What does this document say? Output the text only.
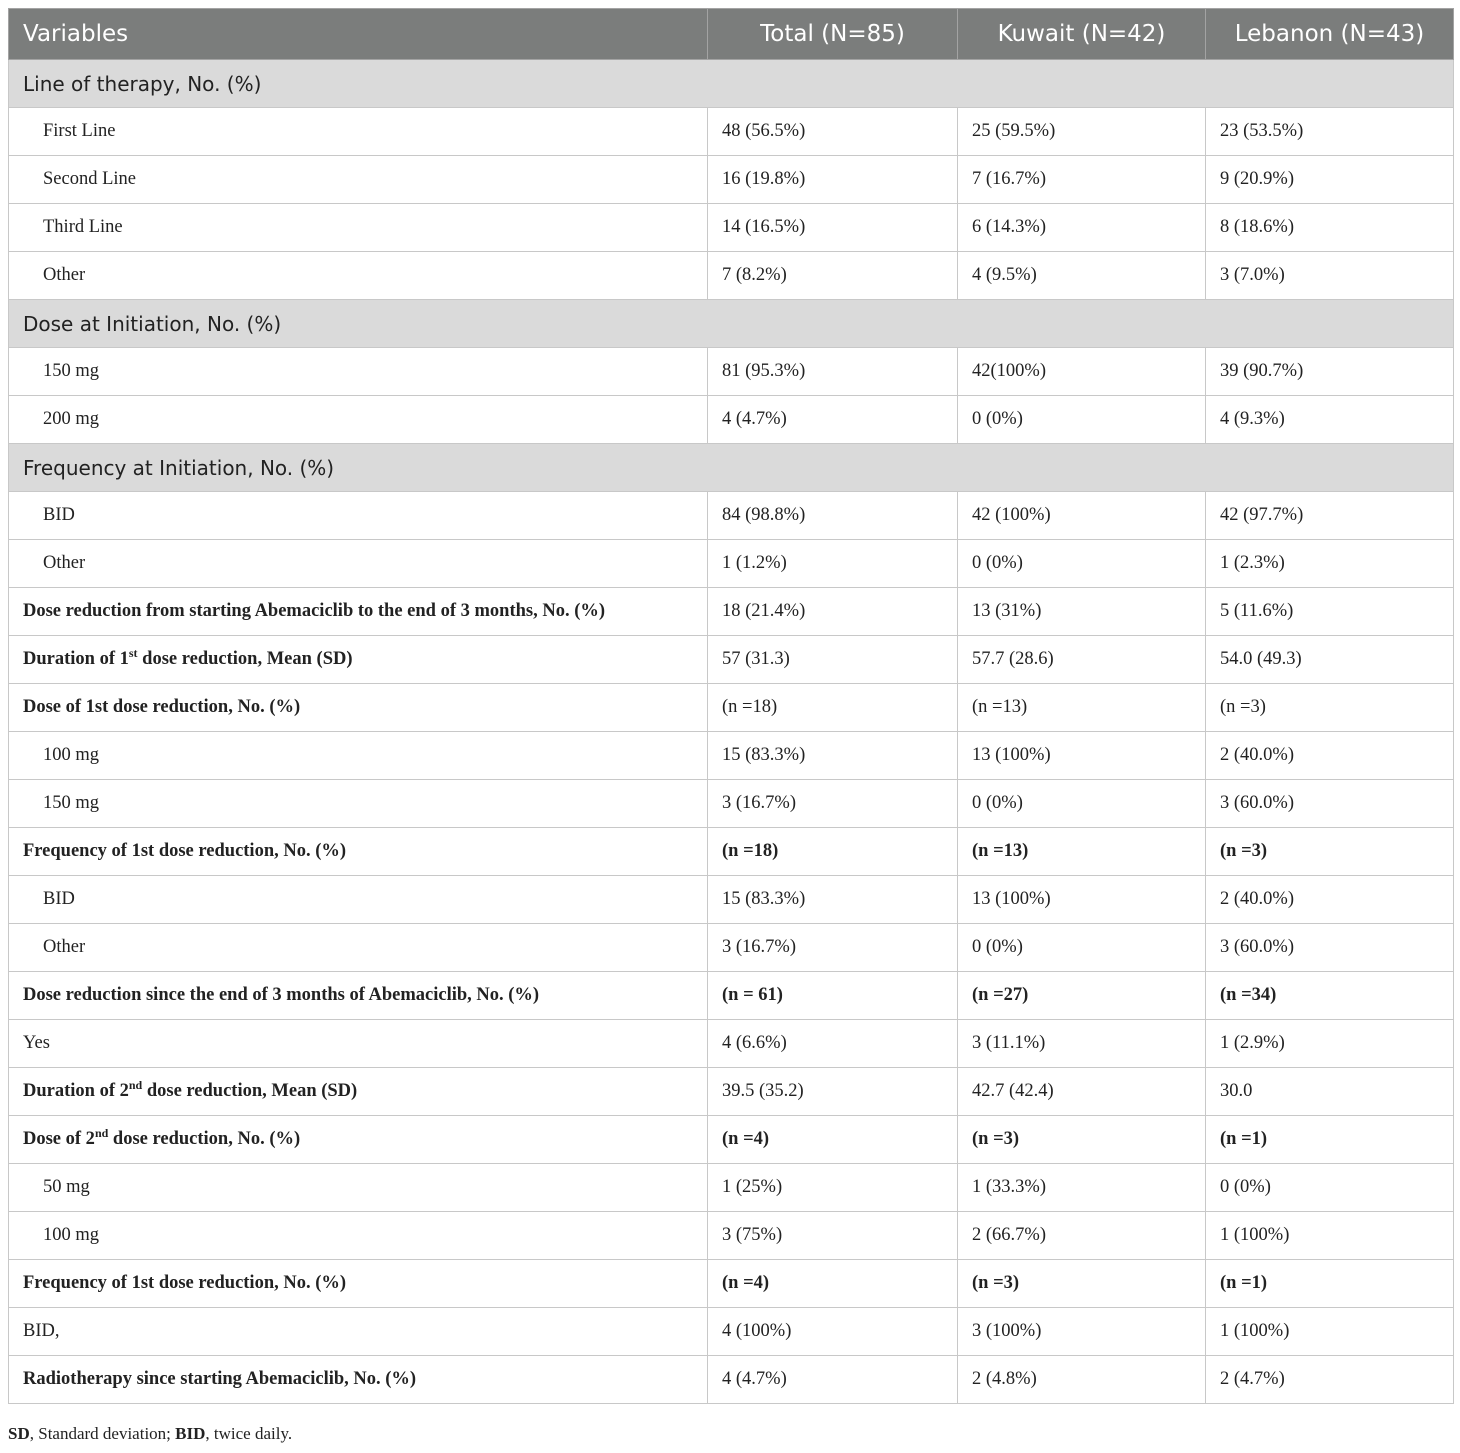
Variables	Total (N=85)	Kuwait (N=42)	Lebanon (N=43)
Line of therapy, No. (%)			
First Line	48 (56.5%)	25 (59.5%)	23 (53.5%)
Second Line	16 (19.8%)	7 (16.7%)	9 (20.9%)
Third Line	14 (16.5%)	6 (14.3%)	8 (18.6%)
Other	7 (8.2%)	4 (9.5%)	3 (7.0%)
Dose at Initiation, No. (%)			
150 mg	81 (95.3%)	42(100%)	39 (90.7%)
200 mg	4 (4.7%)	0 (0%)	4 (9.3%)
Frequency at Initiation, No. (%)			
BID	84 (98.8%)	42 (100%)	42 (97.7%)
Other	1 (1.2%)	0 (0%)	1 (2.3%)
Dose reduction from starting Abemaciclib to the end of 3 months, No. (%)	18 (21.4%)	13 (31%)	5 (11.6%)
Duration of 1st dose reduction, Mean (SD)	57 (31.3)	57.7 (28.6)	54.0 (49.3)
Dose of 1st dose reduction, No. (%)	(n =18)	(n =13)	(n =3)
100 mg	15 (83.3%)	13 (100%)	2 (40.0%)
150 mg	3 (16.7%)	0 (0%)	3 (60.0%)
Frequency of 1st dose reduction, No. (%)	(n =18)	(n =13)	(n =3)
BID	15 (83.3%)	13 (100%)	2 (40.0%)
Other	3 (16.7%)	0 (0%)	3 (60.0%)
Dose reduction since the end of 3 months of Abemaciclib, No. (%)	(n = 61)	(n =27)	(n =34)
Yes	4 (6.6%)	3 (11.1%)	1 (2.9%)
Duration of 2nd dose reduction, Mean (SD)	39.5 (35.2)	42.7 (42.4)	30.0
Dose of 2nd dose reduction, No. (%)	(n =4)	(n =3)	(n =1)
50 mg	1 (25%)	1 (33.3%)	0 (0%)
100 mg	3 (75%)	2 (66.7%)	1 (100%)
Frequency of 1st dose reduction, No. (%)	(n =4)	(n =3)	(n =1)
BID,	4 (100%)	3 (100%)	1 (100%)
Radiotherapy since starting Abemaciclib, No. (%)	4 (4.7%)	2 (4.8%)	2 (4.7%)
SD, Standard deviation; BID, twice daily.
